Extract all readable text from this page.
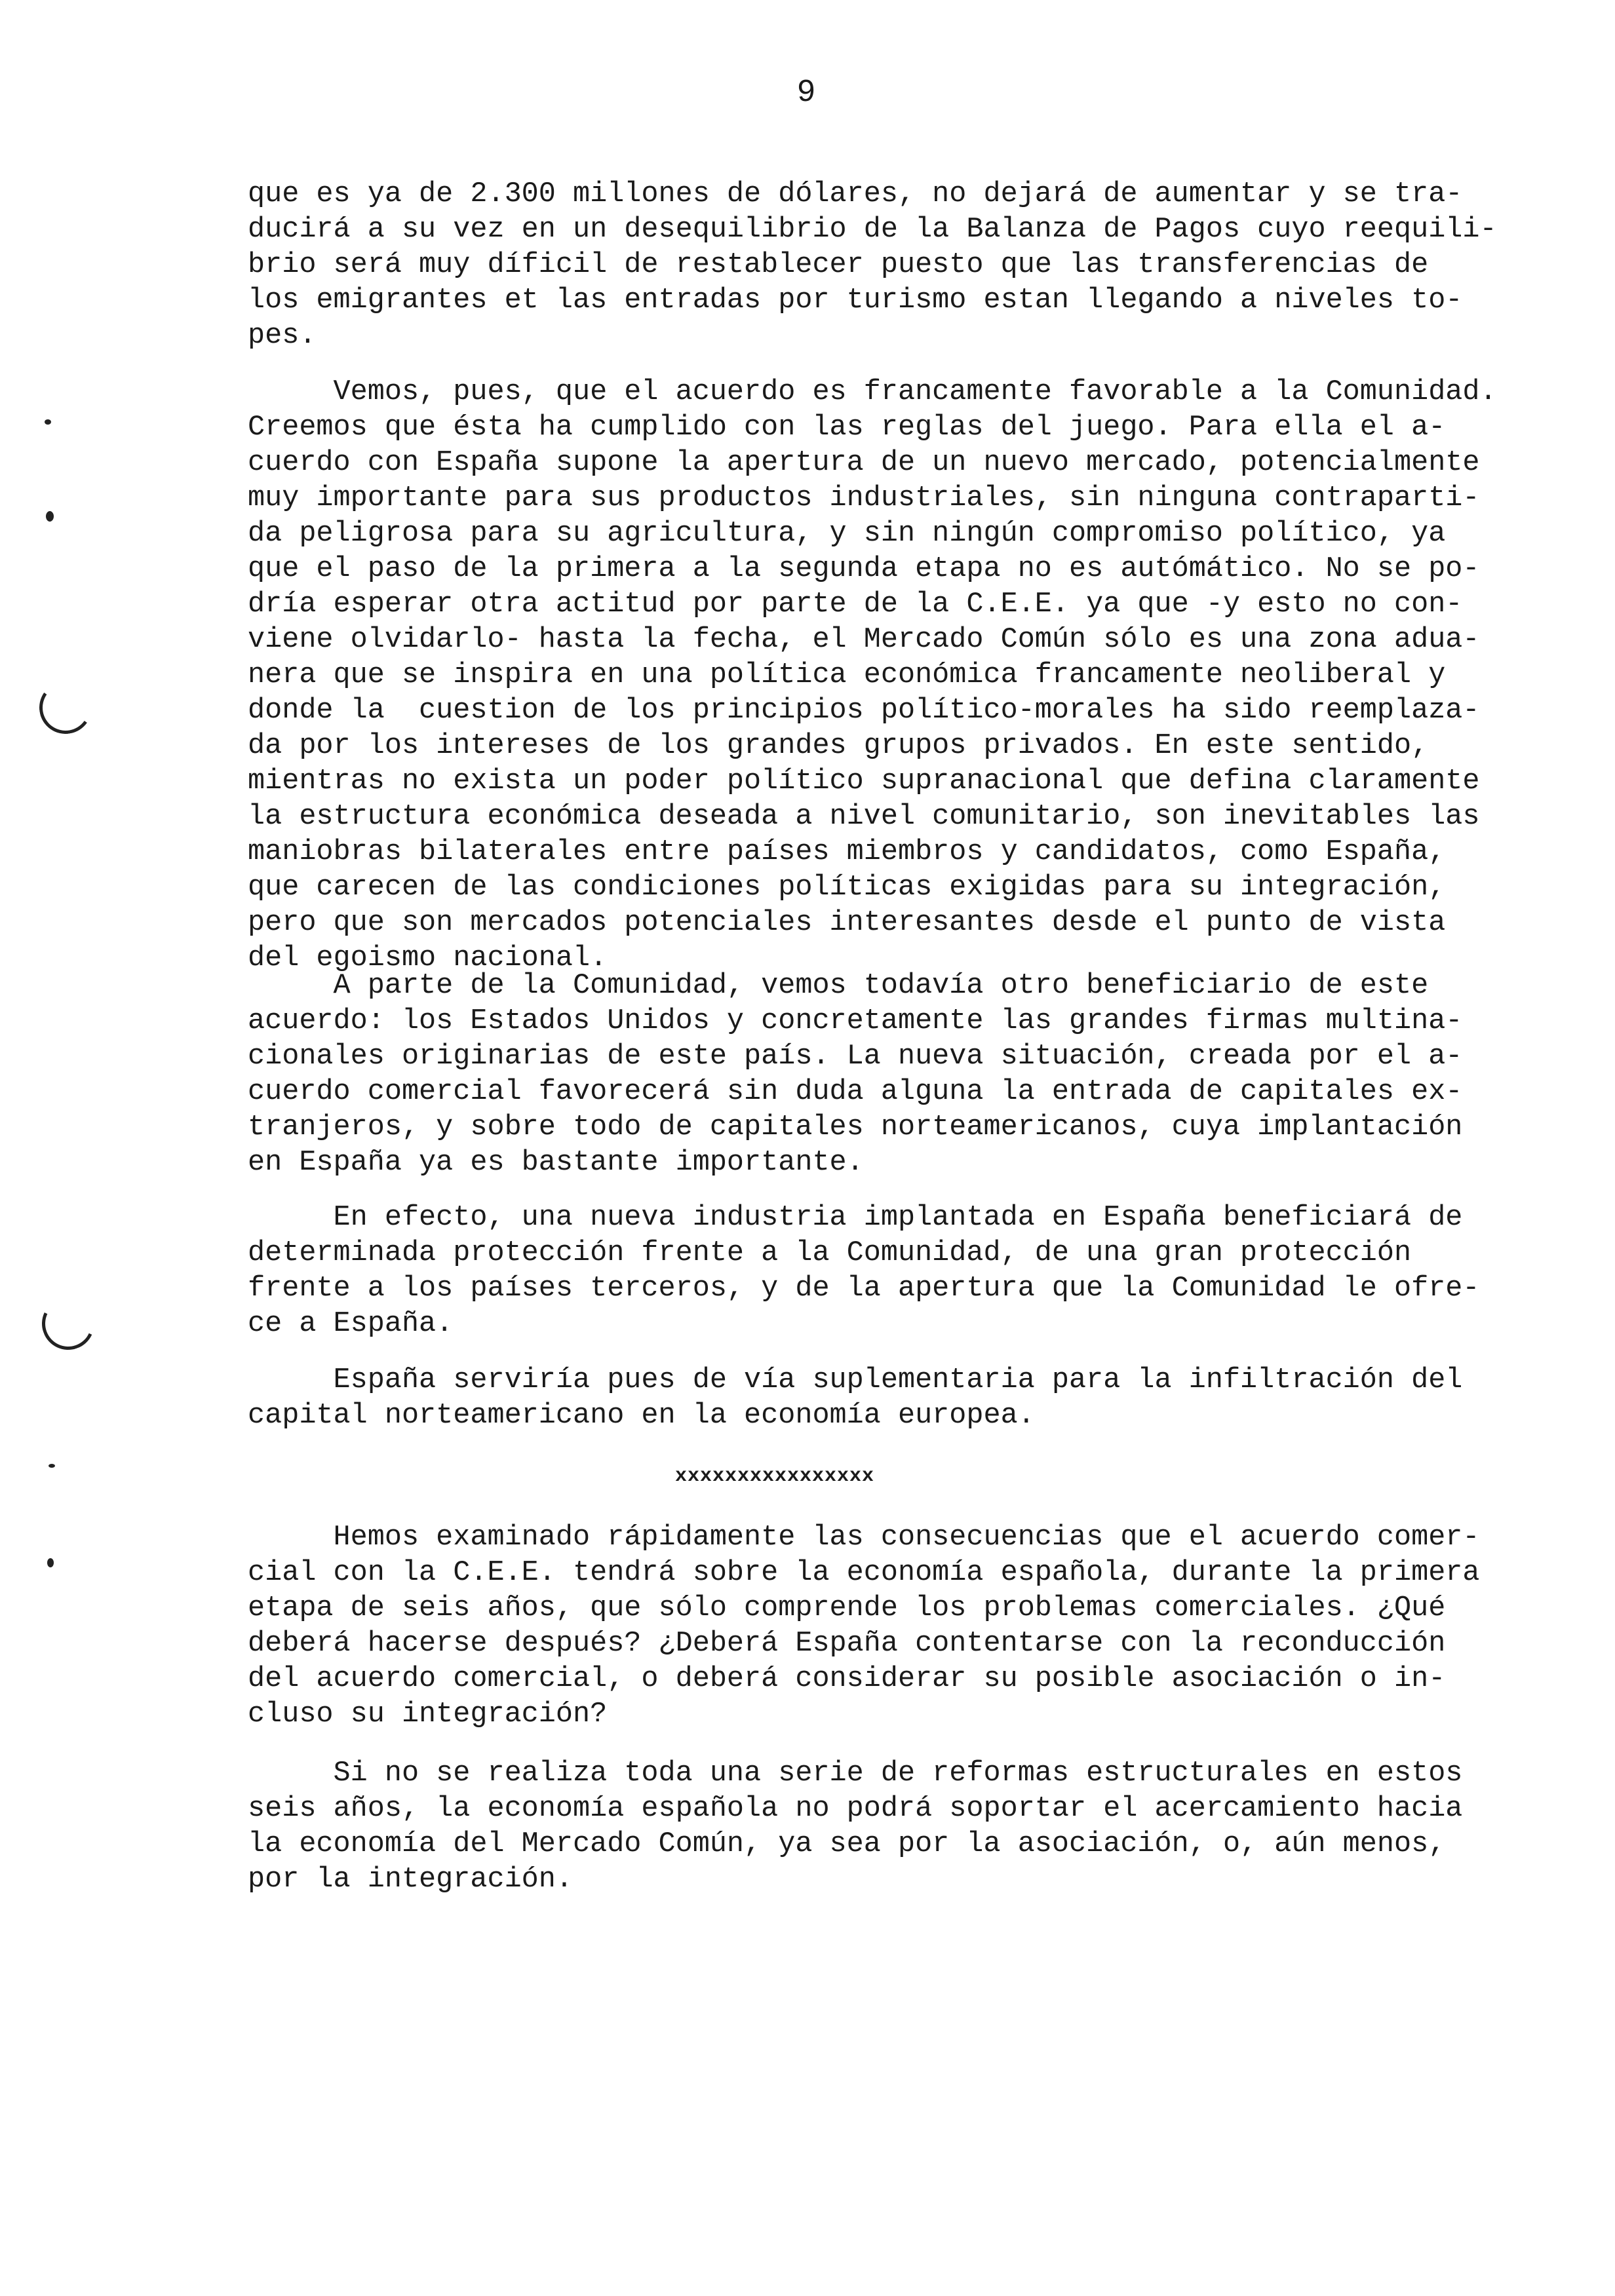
9
que es ya de 2.300 millones de dólares, no dejará de aumentar y se tra-
ducirá a su vez en un desequilibrio de la Balanza de Pagos cuyo reequili-
brio será muy díficil de restablecer puesto que las transferencias de
los emigrantes et las entradas por turismo estan llegando a niveles to-
pes.
Vemos, pues, que el acuerdo es francamente favorable a la Comunidad.
Creemos que ésta ha cumplido con las reglas del juego. Para ella el a-
cuerdo con España supone la apertura de un nuevo mercado, potencialmente
muy importante para sus productos industriales, sin ninguna contraparti-
da peligrosa para su agricultura, y sin ningún compromiso político, ya
que el paso de la primera a la segunda etapa no es autómático. No se po-
dría esperar otra actitud por parte de la C.E.E. ya que -y esto no con-
viene olvidarlo- hasta la fecha, el Mercado Común sólo es una zona adua-
nera que se inspira en una política económica francamente neoliberal y
donde la  cuestion de los principios político-morales ha sido reemplaza-
da por los intereses de los grandes grupos privados. En este sentido,
mientras no exista un poder político supranacional que defina claramente
la estructura económica deseada a nivel comunitario, son inevitables las
maniobras bilaterales entre países miembros y candidatos, como España,
que carecen de las condiciones políticas exigidas para su integración,
pero que son mercados potenciales interesantes desde el punto de vista
del egoismo nacional.
A parte de la Comunidad, vemos todavía otro beneficiario de este
acuerdo: los Estados Unidos y concretamente las grandes firmas multina-
cionales originarias de este país. La nueva situación, creada por el a-
cuerdo comercial favorecerá sin duda alguna la entrada de capitales ex-
tranjeros, y sobre todo de capitales norteamericanos, cuya implantación
en España ya es bastante importante.
En efecto, una nueva industria implantada en España beneficiará de
determinada protección frente a la Comunidad, de una gran protección
frente a los países terceros, y de la apertura que la Comunidad le ofre-
ce a España.
España serviría pues de vía suplementaria para la infiltración del
capital norteamericano en la economía europea.
xxxxxxxxxxxxxxxx
Hemos examinado rápidamente las consecuencias que el acuerdo comer-
cial con la C.E.E. tendrá sobre la economía española, durante la primera
etapa de seis años, que sólo comprende los problemas comerciales. ¿Qué
deberá hacerse después? ¿Deberá España contentarse con la reconducción
del acuerdo comercial, o deberá considerar su posible asociación o in-
cluso su integración?
Si no se realiza toda una serie de reformas estructurales en estos
seis años, la economía española no podrá soportar el acercamiento hacia
la economía del Mercado Común, ya sea por la asociación, o, aún menos,
por la integración.
